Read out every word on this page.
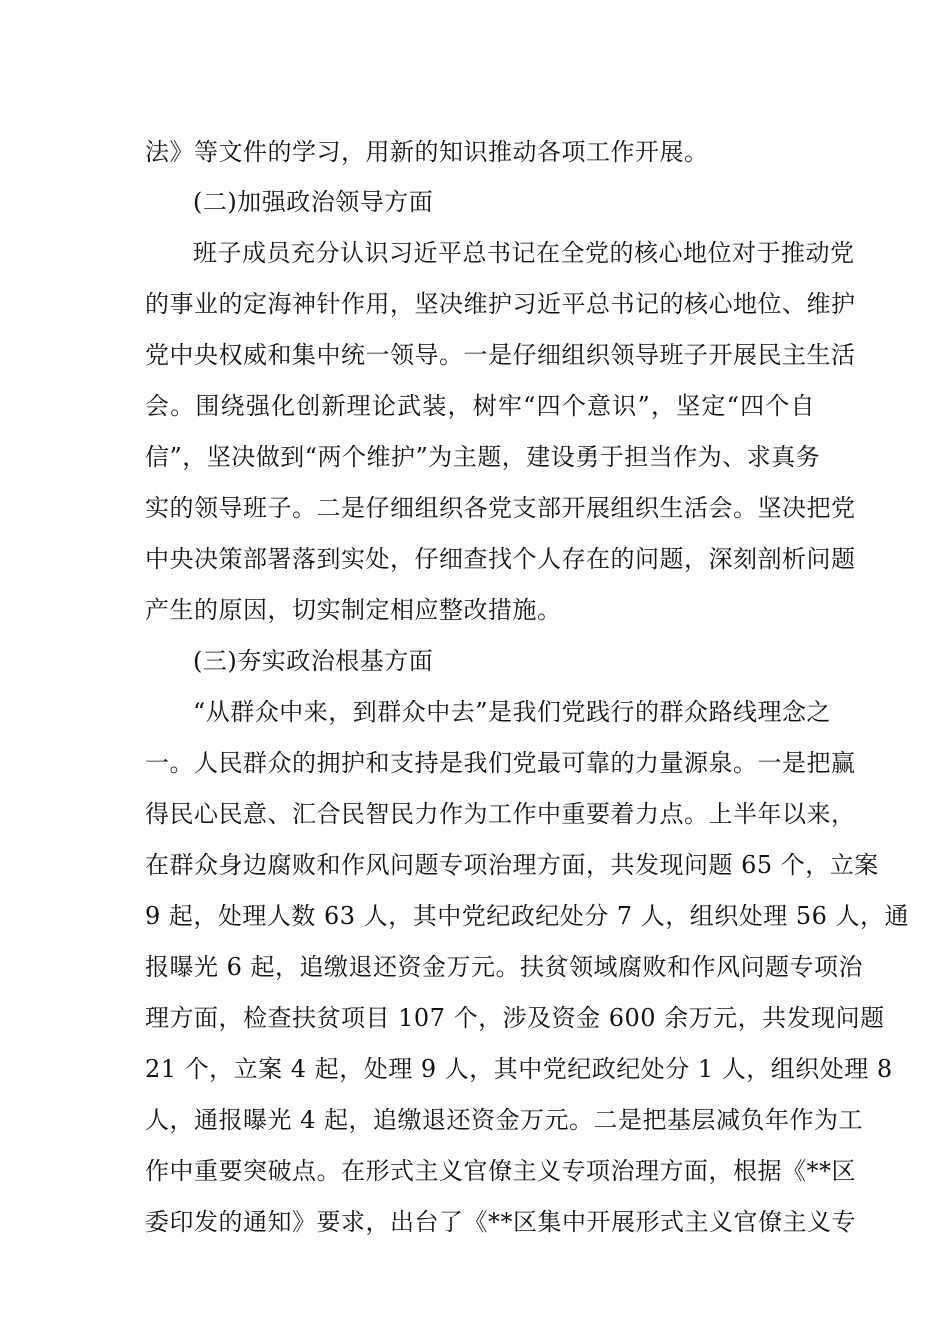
法》等文件的学习，用新的知识推动各项工作开展。
(二)加强政治领导方面
班子成员充分认识习近平总书记在全党的核心地位对于推动党
的事业的定海神针作用，坚决维护习近平总书记的核心地位、维护
党中央权威和集中统一领导。一是仔细组织领导班子开展民主生活
会。围绕强化创新理论武装，树牢“四个意识”，坚定“四个自
信”，坚决做到“两个维护”为主题，建设勇于担当作为、求真务
实的领导班子。二是仔细组织各党支部开展组织生活会。坚决把党
中央决策部署落到实处，仔细查找个人存在的问题，深刻剖析问题
产生的原因，切实制定相应整改措施。
(三)夯实政治根基方面
“从群众中来，到群众中去”是我们党践行的群众路线理念之
一。人民群众的拥护和支持是我们党最可靠的力量源泉。一是把赢
得民心民意、汇合民智民力作为工作中重要着力点。上半年以来，
在群众身边腐败和作风问题专项治理方面，共发现问题 65 个，立案
9 起，处理人数 63 人，其中党纪政纪处分 7 人，组织处理 56 人，通
报曝光 6 起，追缴退还资金万元。扶贫领域腐败和作风问题专项治
理方面，检查扶贫项目 107 个，涉及资金 600 余万元，共发现问题
21 个，立案 4 起，处理 9 人，其中党纪政纪处分 1 人，组织处理 8
人，通报曝光 4 起，追缴退还资金万元。二是把基层减负年作为工
作中重要突破点。在形式主义官僚主义专项治理方面，根据《**区
委印发的通知》要求，出台了《**区集中开展形式主义官僚主义专
